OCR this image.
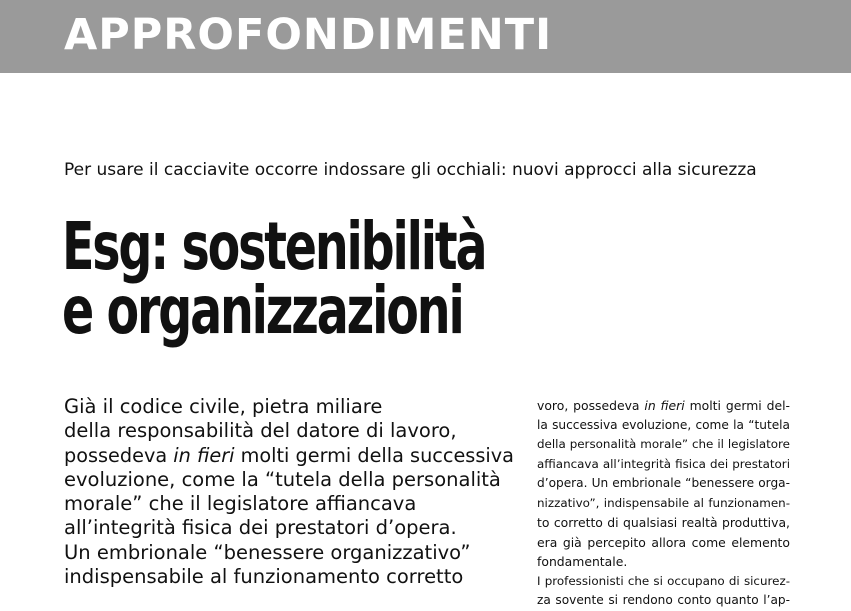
APPROFONDIMENTI

Per usare il cacciavite occorre indossare gli occhiali: nuovi approcci alla sicurezza

Esg: sostenibilità
e organizzazioni

Già il codice civile, pietra miliare
della responsabilità del datore di lavoro,
possedeva in fieri molti germi della successiva
evoluzione, come la “tutela della personalità
morale” che il legislatore affiancava
all’integrità fisica dei prestatori d’opera.
Un embrionale “benessere organizzativo”
indispensabile al funzionamento corretto

voro, possedeva in fieri molti germi del-
la successiva evoluzione, come la “tutela
della personalità morale” che il legislatore
affiancava all’integrità fisica dei prestatori
d’opera. Un embrionale “benessere orga-
nizzativo”, indispensabile al funzionamen-
to corretto di qualsiasi realtà produttiva,
era già percepito allora come elemento
fondamentale.
I professionisti che si occupano di sicurez-
za sovente si rendono conto quanto l’ap-
